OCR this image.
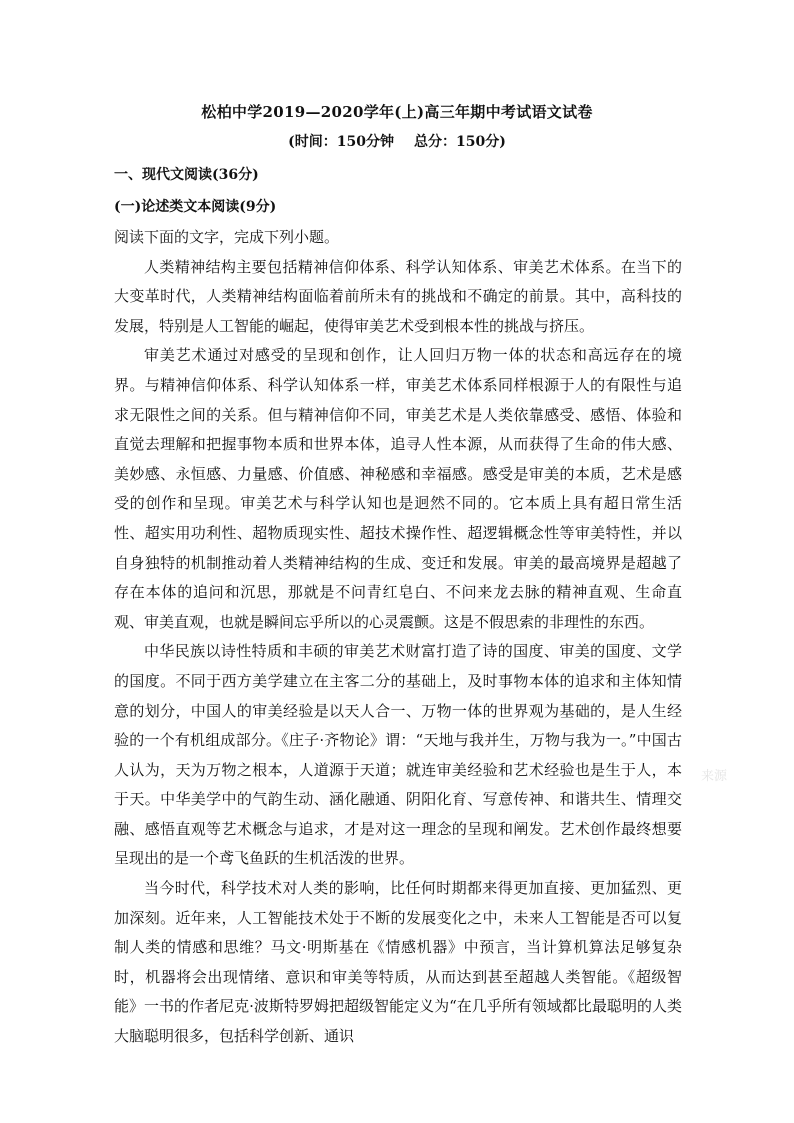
松柏中学2019—2020学年(上)高三年期中考试语文试卷
(时间：150分钟 总分：150分)
一、现代文阅读(36分)
(一)论述类文本阅读(9分)

阅读下面的文字，完成下列小题。

人类精神结构主要包括精神信仰体系、科学认知体系、审美艺术体系。在当下的大变革时代，人类精神结构面临着前所未有的挑战和不确定的前景。其中，高科技的发展，特别是人工智能的崛起，使得审美艺术受到根本性的挑战与挤压。

审美艺术通过对感受的呈现和创作，让人回归万物一体的状态和高远存在的境界。与精神信仰体系、科学认知体系一样，审美艺术体系同样根源于人的有限性与追求无限性之间的关系。但与精神信仰不同，审美艺术是人类依靠感受、感悟、体验和直觉去理解和把握事物本质和世界本体，追寻人性本源，从而获得了生命的伟大感、美妙感、永恒感、力量感、价值感、神秘感和幸福感。感受是审美的本质，艺术是感受的创作和呈现。审美艺术与科学认知也是迥然不同的。它本质上具有超日常生活性、超实用功利性、超物质现实性、超技术操作性、超逻辑概念性等审美特性，并以自身独特的机制推动着人类精神结构的生成、变迁和发展。审美的最高境界是超越了存在本体的追问和沉思，那就是不问青红皂白、不问来龙去脉的精神直观、生命直观、审美直观，也就是瞬间忘乎所以的心灵震颤。这是不假思索的非理性的东西。

中华民族以诗性特质和丰硕的审美艺术财富打造了诗的国度、审美的国度、文学的国度。不同于西方美学建立在主客二分的基础上，及时事物本体的追求和主体知情意的划分，中国人的审美经验是以天人合一、万物一体的世界观为基础的，是人生经验的一个有机组成部分。《庄子·齐物论》谓：“天地与我并生，万物与我为一。”中国古人认为，天为万物之根本，人道源于天道；就连审美经验和艺术经验也是生于人，本于天。中华美学中的气韵生动、涵化融通、阴阳化育、写意传神、和谐共生、情理交融、感悟直观等艺术概念与追求，才是对这一理念的呈现和阐发。艺术创作最终想要呈现出的是一个鸢飞鱼跃的生机活泼的世界。

当今时代，科学技术对人类的影响，比任何时期都来得更加直接、更加猛烈、更加深刻。近年来，人工智能技术处于不断的发展变化之中，未来人工智能是否可以复制人类的情感和思维？马文·明斯基在《情感机器》中预言，当计算机算法足够复杂时，机器将会出现情绪、意识和审美等特质，从而达到甚至超越人类智能。《超级智能》一书的作者尼克·波斯特罗姆把超级智能定义为“在几乎所有领域都比最聪明的人类大脑聪明很多，包括科学创新、通识

来源
